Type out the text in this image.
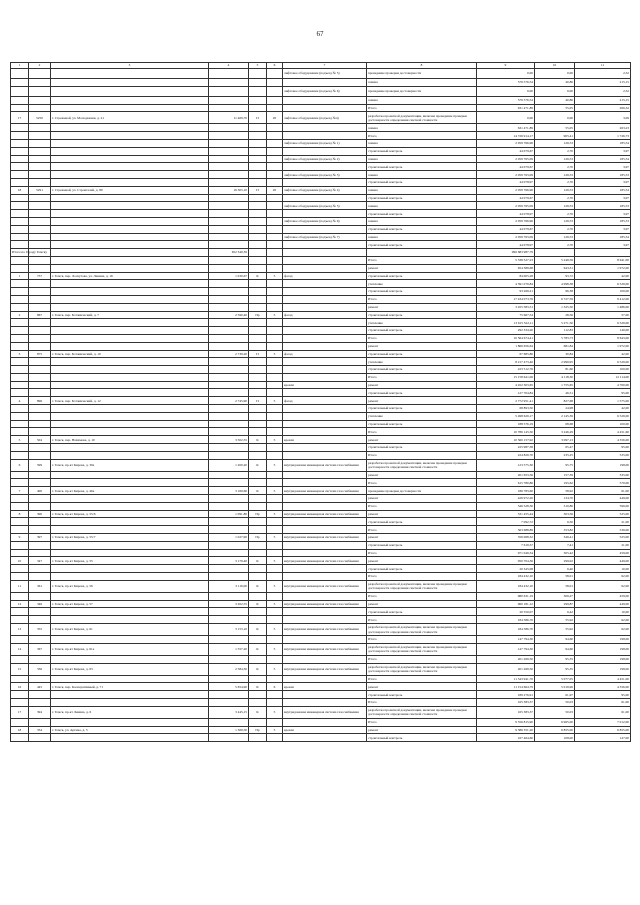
67
1	2	3	4	5	6	7	8	9	10	11
						лифтовое оборудование (подъезд № 5)	проведение проверки достоверности	0,00	0,00	2,52
							замена	576 576,54	40,86	215,15
						лифтовое оборудование (подъезд № 6)	проведение проверки достоверности	0,00	0,00	2,52
							замена	576 576,54	40,86	215,15
							Итого	631 471,89	55,05	266,32
17	5250	г. Стрежевой, ул. Молодежная, д. 21	11 469,70	П	20	лифтовое оборудование (подъезд №4)	разработка проектной документации, включая проведение проверки достоверности определения сметной стоимости	0,00	0,00	3,09
							замена	631 471,89	55,05	263,23
							Итого	14 726 914,17	905,41	1 726,73
						лифтовое оборудование (подъезд № 1)	замена	2 059 766,96	126,53	185,54
							строительный контроль	44 079,67	2,70	3,97
						лифтовое оборудование (подъезд № 2)	замена	2 059 765,09	126,53	185,54
							строительный контроль	44 079,67	2,70	3,97
						лифтовое оборудование (подъезд № 3)	замена	2 059 763,09	126,53	185,53
							строительный контроль	44 078,97	2,70	3,97
18	5291	г. Стрежевой, ул. Строителей, д. 80	16 305,10	П	20	лифтовое оборудование (подъезд № 4)	замена	2 059 766,96	126,53	185,54
							строительный контроль	44 079,67	2,70	3,97
						лифтовое оборудование (подъезд № 5)	замена	2 059 765,09	126,53	185,53
							строительный контроль	44 078,97	2,70	3,97
						лифтовое оборудование (подъезд № 6)	замена	2 059 766,96	126,53	185,53
							строительный контроль	44 079,67	2,70	3,97
						лифтовое оборудование (подъезд № 7)	замена	2 059 763,09	126,53	185,54
							строительный контроль	44 078,97	2,70	3,97
Итого по Городу Томску			652 340,39					996 683 987,79		
							Итого	5 338 327,23	5 249,59	8 641,00
							ремонт	654 389,68	643,31	1 972,00
1	757	г. Томск, пер. Лоскутова, ул. Ленина, д. 16	1 030,67	К	5	фасад	строительный контроль	84 005,28	93,72	42,00
							утепление	4 391 079,84	4 098,38	6 529,00
							строительный контроль	93 266,21	96,38	100,00
							Итого	17 434 073,76	6 727,59	9 412,00
							ремонт	3 455 583,51	1 325,50	1 486,00
2	867	г. Томск, пер. Ботанический, д. 7	2 590,40	Пр	5	фасад	строительный контроль	75 667,54	28,56	57,00
							утепление	13 615 522,11	5 271,50	6 529,00
							строительный контроль	292 334,20	112,83	140,00
							Итого	10 564 674,41	5 783,73	8 643,00
							ремонт	1 866 656,64	681,84	1 972,00
3	875	г. Томск, пер. Ботанический, д. 10	2 739,20	П	5	фасад	строительный контроль	67 685,86	30,84	42,00
							утепление	8 217 473,46	2 999,95	6 529,00
							строительный контроль	223 512,76	81,60	100,00
							Итого	15 158 641,06	4 118,30	12 114,00
						кровля	ремонт	4 452 303,65	1 755,65	4 700,00
							строительный контроль	127 704,84	46,51	95,00
4	896	г. Томск, пер. Ботанический, д. 12	2 745,90	П	5	фасад	ремонт	2 772 951,41	827,68	1 575,00
							строительный контроль	68 893,50	24,98	42,00
							утепление	5 498 629,17	2 145,39	6 529,00
							строительный контроль	188 576,19	68,68	100,00
							Итого	10 786 145,50	3 246,29	4 451,60
5	504	г. Томск, пер. Нахимова, д. 10	3 502,55	К	5	кровля	ремонт	10 560 157,92	3 097,13	4 356,00
							строительный контроль	225 987,38	65,47	95,00
							Итого	224 829,70	235,25	535,00
6	599	г. Томск, пр-кт Кирова, д. 39а	1 200,20	К	5	внутридомовая инженерная система газоснабжения	разработка проектной документации, включая проведение проверки достоверности определения сметной стоимости	123 575,30	95,75	198,00
							ремонт	201 653,56	157,39	335,00
							Итого	615 780,86	195,62	570,00
7	400	г. Томск, пр-кт Кирова, д. 46а	3 169,60	К	5	внутридомовая инженерная система газоснабжения	проведение проверки достоверности	186 783,60	58,92	61,00
							ремонт	426 972,26	134,70	449,00
							Итого	346 528,36	310,86	596,00
8	390	г. Томск, пр-кт Кирова, д. 55/6	1 091,80	Пр	5	внутридомовая инженерная система газоснабжения	ремонт	331 455,44	303,56	525,00
							строительный контроль	7 092,72	6,50	21,00
							Итого	363 688,89	353,82	536,00
9	397	г. Томск, пр-кт Кирова, д. 55/7	1 027,90	Пр	5	внутридомовая инженерная система газоснабжения	ремонт	356 068,32	346,41	525,00
							строительный контроль	7 619,57	7,41	21,00
							Итого	971 049,34	305,42	459,00
10	347	г. Томск, пр-кт Кирова, д. 55	3 179,40	К	5	внутридомовая инженерная система газоснабжения	ремонт	950 704,36	299,02	449,00
							строительный контроль	20 345,08	6,40	10,00
							Итого	184 432,10	58,01	62,00
11	361	г. Томск, пр-кт Кирова, д. 56	3 116,00	К	5	внутридомовая инженерная система газоснабжения	разработка проектной документации, включая проведение проверки достоверности определения сметной стоимости	184 432,10	58,01	62,00
							Итого	980 631,19	306,27	459,00
12	346	г. Томск, пр-кт Кирова, д. 57	3 202,55	К	5	внутридомовая инженерная система газоснабжения	ремонт	960 181,12	299,87	449,00
							строительный контроль	20 550,07	6,42	10,00
							Итого	184 586,70	55,92	62,00
13	355	г. Томск, пр-кт Кирова, д. 61	3 153,10	К	5	внутридомовая инженерная система газоснабжения	разработка проектной документации, включая проведение проверки достоверности определения сметной стоимости	184 586,70	55,92	62,00
							Итого	147 794,30	94,60	198,00
14	367	г. Томск, пр-кт Кирова, д. 61а	1 557,20	К	5	внутридомовая инженерная система газоснабжения	разработка проектной документации, включая проведение проверки достоверности определения сметной стоимости	147 794,30	94,60	198,00
							Итого	201 269,50	95,35	198,00
15	336	г. Томск, пр-кт Кирова, д. 63	2 584,30	К	5	внутридомовая инженерная система газоснабжения	разработка проектной документации, включая проведение проверки достоверности определения сметной стоимости	201 269,50	95,35	198,00
							Итого	11 543 941,70	5 077,05	4 451,00
16	445	г. Томск, пер. Кооперативный, д. 71	5 654,90	К	6	кровля	ремонт	11 154 664,79	5 019,96	4 356,00
							строительный контроль	189 276,91	61,97	95,00
							Итого	165 383,37	50,03	61,00
17	394	г. Томск, пр-кт Ленина, д. 6	3 445,15	К	5	внутридомовая инженерная система газоснабжения	разработка проектной документации, включая проведение проверки достоверности определения сметной стоимости	165 383,37	50,03	61,00
							Итого	9 556 815,90	6 965,00	7 012,00
18	334	г. Томск, ул. Артема, д. 5	1 369,50	Пр	5	кровля	ремонт	9 386 351,20	6 855,00	6 855,00
							строительный контроль	167 464,60	108,00	147,00
